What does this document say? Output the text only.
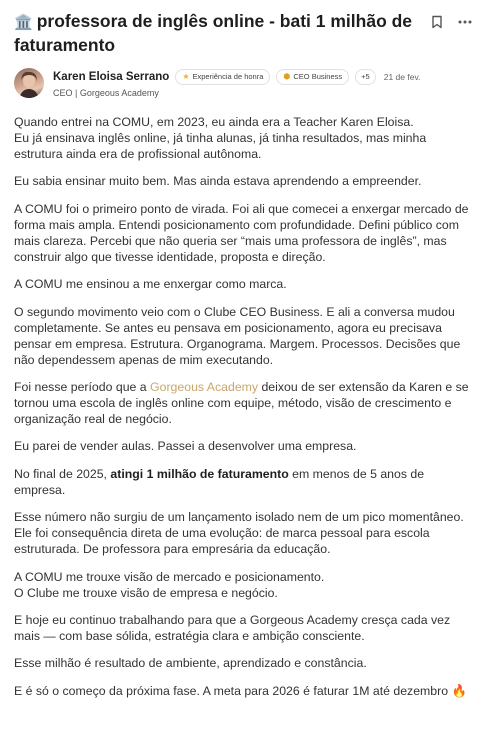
🏛️ professora de inglês online - bati 1 milhão de faturamento
Karen Eloisa Serrano ★ Experiência de honra	⬢ CEO Business	+5	21 de fev.
CEO | Gorgeous Academy

Quando entrei na COMU, em 2023, eu ainda era a Teacher Karen Eloisa.
Eu já ensinava inglês online, já tinha alunas, já tinha resultados, mas minha estrutura ainda era de profissional autônoma.

Eu sabia ensinar muito bem. Mas ainda estava aprendendo a empreender.

A COMU foi o primeiro ponto de virada. Foi ali que comecei a enxergar mercado de forma mais ampla. Entendi posicionamento com profundidade. Defini público com mais clareza. Percebi que não queria ser “mais uma professora de inglês”, mas construir algo que tivesse identidade, proposta e direção.

A COMU me ensinou a me enxergar como marca.

O segundo movimento veio com o Clube CEO Business. E ali a conversa mudou completamente. Se antes eu pensava em posicionamento, agora eu precisava pensar em empresa. Estrutura. Organograma. Margem. Processos. Decisões que não dependessem apenas de mim executando.

Foi nesse período que a Gorgeous Academy deixou de ser extensão da Karen e se tornou uma escola de inglês online com equipe, método, visão de crescimento e organização real de negócio.

Eu parei de vender aulas. Passei a desenvolver uma empresa.

No final de 2025, atingi 1 milhão de faturamento em menos de 5 anos de empresa.

Esse número não surgiu de um lançamento isolado nem de um pico momentâneo.
Ele foi consequência direta de uma evolução: de marca pessoal para escola estruturada. De professora para empresária da educação.

A COMU me trouxe visão de mercado e posicionamento.
O Clube me trouxe visão de empresa e negócio.

E hoje eu continuo trabalhando para que a Gorgeous Academy cresça cada vez mais — com base sólida, estratégia clara e ambição consciente.

Esse milhão é resultado de ambiente, aprendizado e constância.

E é só o começo da próxima fase. A meta para 2026 é faturar 1M até dezembro 🔥
